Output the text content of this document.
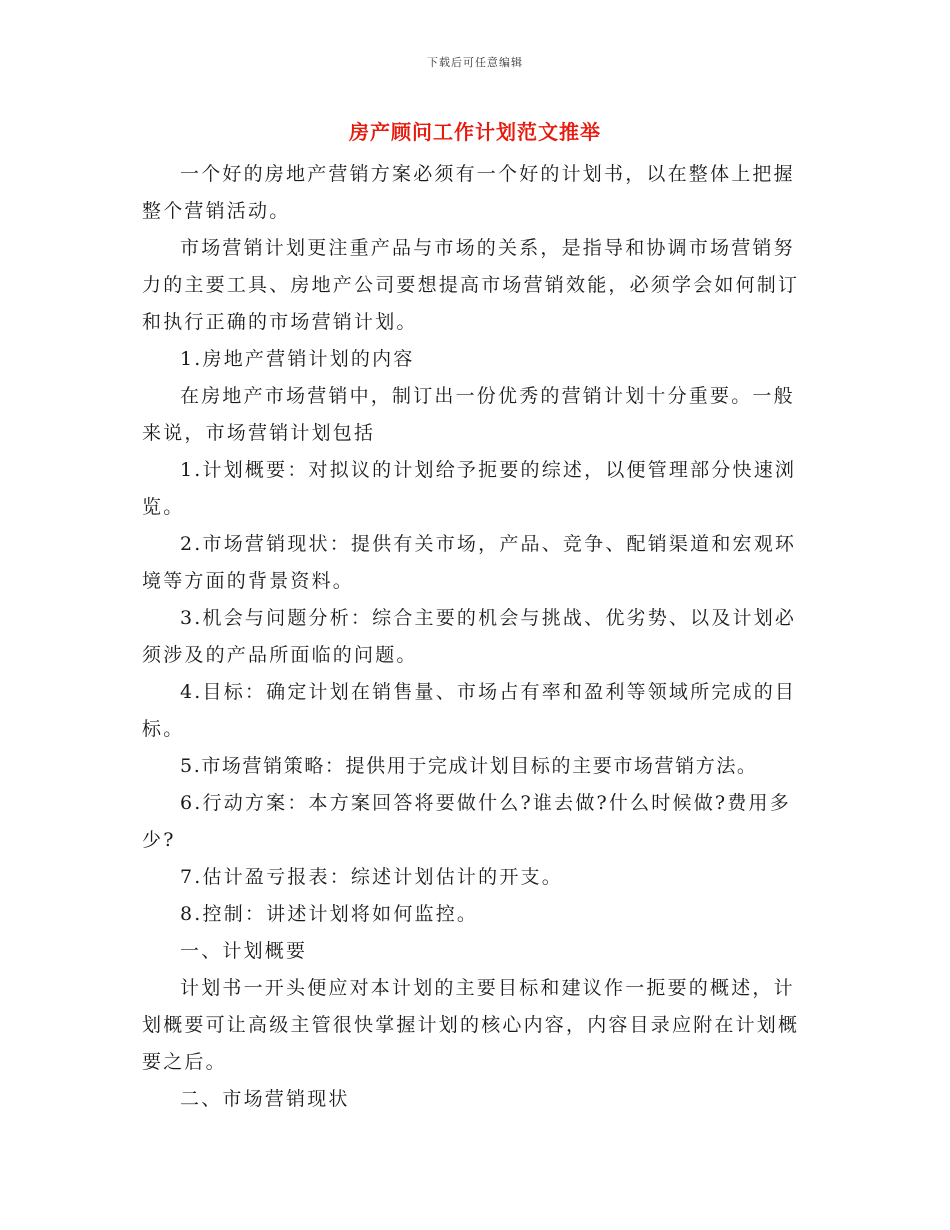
下载后可任意编辑
房产顾问工作计划范文推举

一个好的房地产营销方案必须有一个好的计划书，以在整体上把握整个营销活动。

市场营销计划更注重产品与市场的关系，是指导和协调市场营销努力的主要工具、房地产公司要想提高市场营销效能，必须学会如何制订和执行正确的市场营销计划。

1.房地产营销计划的内容

在房地产市场营销中，制订出一份优秀的营销计划十分重要。一般来说，市场营销计划包括

1.计划概要：对拟议的计划给予扼要的综述，以便管理部分快速浏览。

2.市场营销现状：提供有关市场，产品、竞争、配销渠道和宏观环境等方面的背景资料。

3.机会与问题分析：综合主要的机会与挑战、优劣势、以及计划必须涉及的产品所面临的问题。

4.目标：确定计划在销售量、市场占有率和盈利等领域所完成的目标。

5.市场营销策略：提供用于完成计划目标的主要市场营销方法。

6.行动方案：本方案回答将要做什么?谁去做?什么时候做?费用多少?

7.估计盈亏报表：综述计划估计的开支。

8.控制：讲述计划将如何监控。

一、计划概要

计划书一开头便应对本计划的主要目标和建议作一扼要的概述，计划概要可让高级主管很快掌握计划的核心内容，内容目录应附在计划概要之后。

二、市场营销现状
